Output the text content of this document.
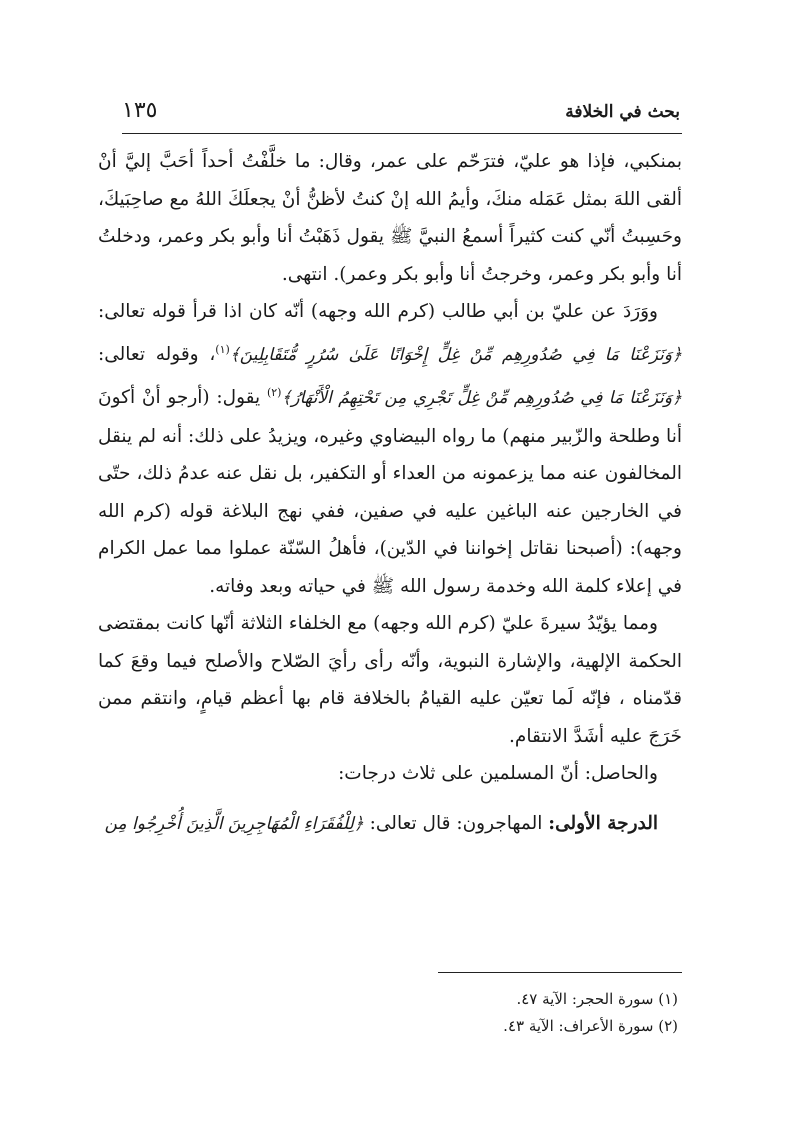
بحث في الخلافة
١٣٥

بمنكبي، فإذا هو عليّ، فترَحّم على عمر، وقال: ما خلَّفْتُ أحداً أحَبَّ إليَّ أنْ ألقى اللهَ بمثل عَمَله منكَ، وأيمُ الله إنْ كنتُ لأظنُّ أنْ يجعلَكَ اللهُ مع صاحِبَيكَ، وحَسِبتُ أنّي كنت كثيراً أسمعُ النبيَّ ﷺ يقول ذَهَبْتُ أنا وأبو بكر وعمر، ودخلتُ أنا وأبو بكر وعمر، وخرجتُ أنا وأبو بكر وعمر). انتهى.

ووَرَدَ عن عليّ بن أبي طالب (كرم الله وجهه) أنّه كان اذا قرأ قوله تعالى: ﴿وَنَزَعْنَا مَا فِي صُدُورِهِم مِّنْ غِلٍّ إِخْوَانًا عَلَىٰ سُرُرٍ مُّتَقَابِلِينَ﴾$^{(١)}$، وقوله تعالى: ﴿وَنَزَعْنَا مَا فِي صُدُورِهِم مِّنْ غِلٍّ تَجْرِي مِن تَحْتِهِمُ الْأَنْهَارُ﴾$^{(٢)}$ يقول: (أرجو أنْ أكونَ أنا وطلحة والزّبير منهم) ما رواه البيضاوي وغيره، ويزيدُ على ذلك: أنه لم ينقل المخالفون عنه مما يزعمونه من العداء أو التكفير، بل نقل عنه عدمُ ذلك، حتّى في الخارجين عنه الباغين عليه في صفين، ففي نهج البلاغة قوله (كرم الله وجهه): (أصبحنا نقاتل إخواننا في الدّين)، فأهلُ السّنّة عملوا مما عمل الكرام في إعلاء كلمة الله وخدمة رسول الله ﷺ في حياته وبعد وفاته.

ومما يؤيّدُ سيرةَ عليّ (كرم الله وجهه) مع الخلفاء الثلاثة أنّها كانت بمقتضى الحكمة الإلهية، والإشارة النبوية، وأنّه رأى رأيَ الصّلاح والأصلح فيما وقعَ كما قدّمناه ، فإنّه لَما تعيّن عليه القيامُ بالخلافة قام بها أعظم قيامٍ، وانتقم ممن خَرَجَ عليه أشَدَّ الانتقام.

والحاصل: أنّ المسلمين على ثلاث درجات:

الدرجة الأولى: المهاجرون: قال تعالى: ﴿لِلْفُقَرَاءِ الْمُهَاجِرِينَ الَّذِينَ أُخْرِجُوا مِن

(١) سورة الحجر: الآية ٤٧.
(٢) سورة الأعراف: الآية ٤٣.
